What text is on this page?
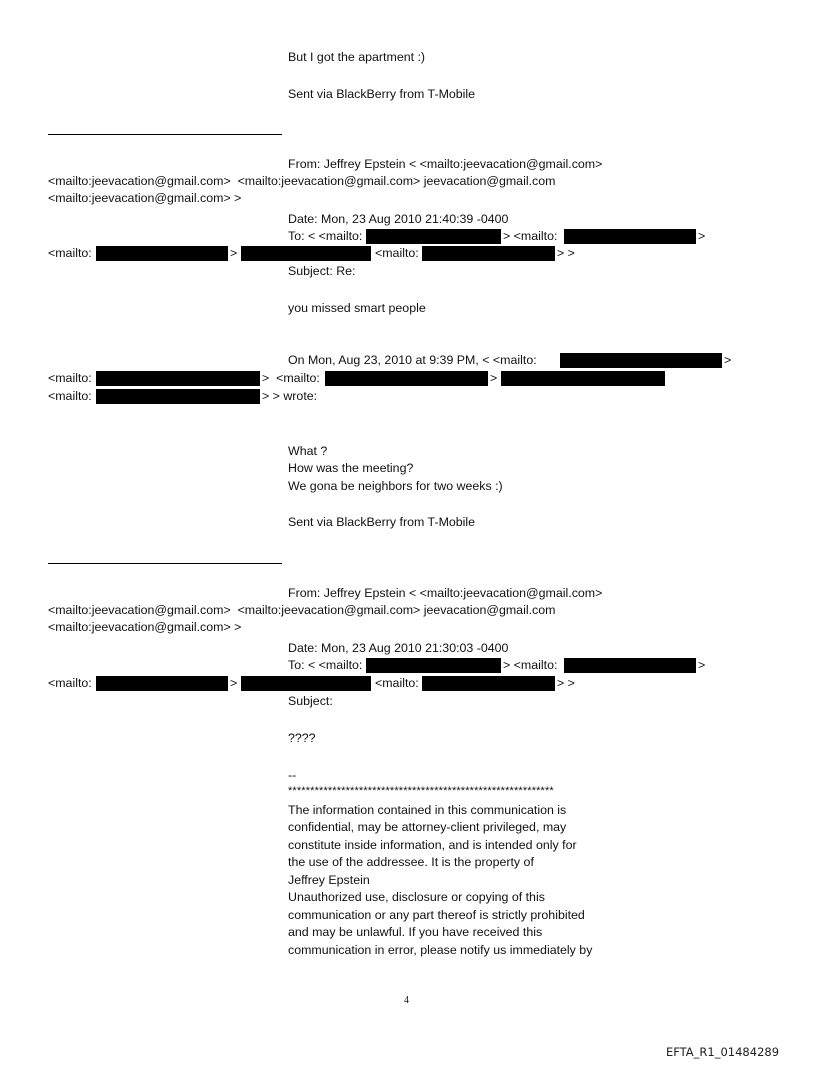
But I got the apartment :)
Sent via BlackBerry from T-Mobile
From: Jeffrey Epstein < <mailto:jeevacation@gmail.com>
<mailto:jeevacation@gmail.com>  <mailto:jeevacation@gmail.com> jeevacation@gmail.com
<mailto:jeevacation@gmail.com> >
Date: Mon, 23 Aug 2010 21:40:39 -0400
To: < <mailto:	> <mailto:	>
<mailto:	>	<mailto:	> >
Subject: Re:
you missed smart people
On Mon, Aug 23, 2010 at 9:39 PM, < <mailto:	>
<mailto:	>  <mailto:	>
<mailto:	> > wrote:
What ?
How was the meeting?
We gona be neighbors for two weeks :)
Sent via BlackBerry from T-Mobile
From: Jeffrey Epstein < <mailto:jeevacation@gmail.com>
<mailto:jeevacation@gmail.com>  <mailto:jeevacation@gmail.com> jeevacation@gmail.com
<mailto:jeevacation@gmail.com> >
Date: Mon, 23 Aug 2010 21:30:03 -0400
To: < <mailto:	> <mailto:	>
<mailto:	>	<mailto:	> >
Subject:
????
--
************************************************************
The information contained in this communication is
confidential, may be attorney-client privileged, may
constitute inside information, and is intended only for
the use of the addressee. It is the property of
Jeffrey Epstein
Unauthorized use, disclosure or copying of this
communication or any part thereof is strictly prohibited
and may be unlawful. If you have received this
communication in error, please notify us immediately by
4
EFTA_R1_01484289
